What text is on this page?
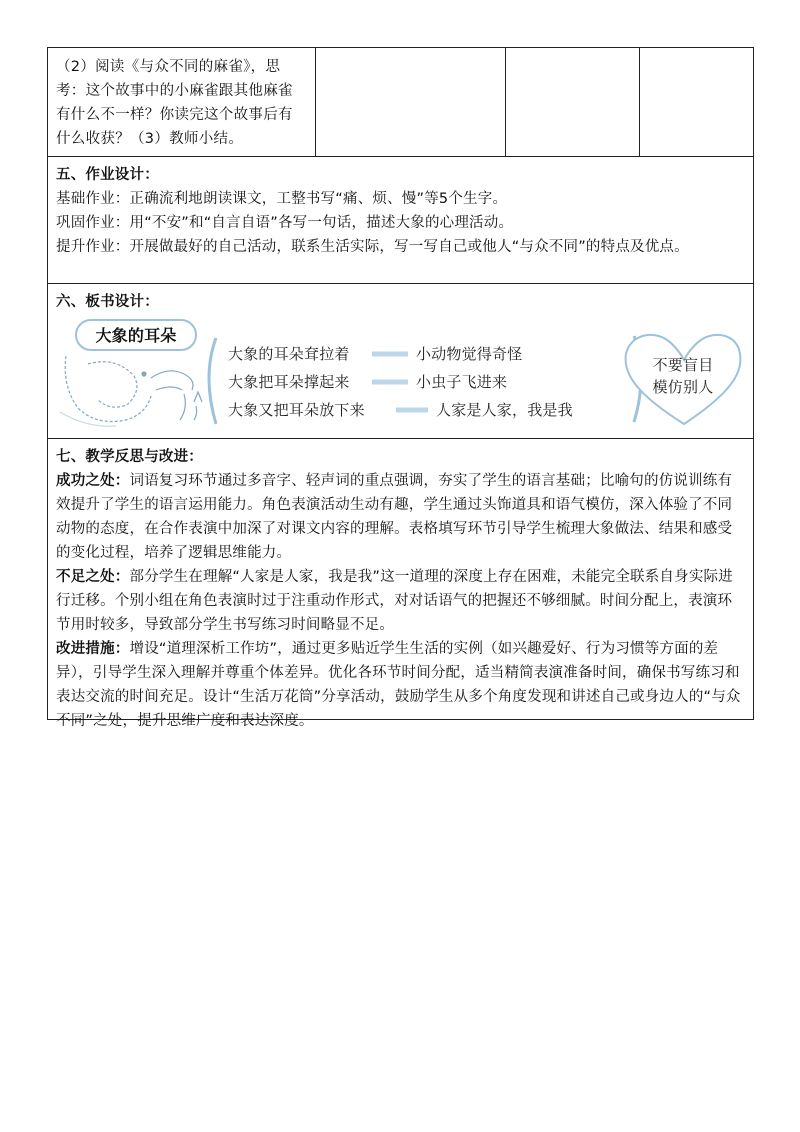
（2）阅读《与众不同的麻雀》，思考：这个故事中的小麻雀跟其他麻雀有什么不一样？你读完这个故事后有什么收获？（3）教师小结。

五、作业设计：
基础作业：正确流利地朗读课文，工整书写“痛、烦、慢”等5个生字。
巩固作业：用“不安”和“自言自语”各写一句话，描述大象的心理活动。
提升作业：开展做最好的自己活动，联系生活实际，写一写自己或他人“与众不同”的特点及优点。

六、板书设计：
大象的耳朵
大象的耳朵耷拉着	小动物觉得奇怪
大象把耳朵撑起来	小虫子飞进来
大象又把耳朵放下来	人家是人家，我是我
不要盲目
模仿别人

七、教学反思与改进：
成功之处：词语复习环节通过多音字、轻声词的重点强调，夯实了学生的语言基础；比喻句的仿说训练有效提升了学生的语言运用能力。角色表演活动生动有趣，学生通过头饰道具和语气模仿，深入体验了不同动物的态度，在合作表演中加深了对课文内容的理解。表格填写环节引导学生梳理大象做法、结果和感受的变化过程，培养了逻辑思维能力。
不足之处：部分学生在理解“人家是人家，我是我”这一道理的深度上存在困难，未能完全联系自身实际进行迁移。个别小组在角色表演时过于注重动作形式，对对话语气的把握还不够细腻。时间分配上，表演环节用时较多，导致部分学生书写练习时间略显不足。
改进措施：增设“道理深析工作坊”，通过更多贴近学生生活的实例（如兴趣爱好、行为习惯等方面的差异），引导学生深入理解并尊重个体差异。优化各环节时间分配，适当精简表演准备时间，确保书写练习和表达交流的时间充足。设计“生活万花筒”分享活动，鼓励学生从多个角度发现和讲述自己或身边人的“与众不同”之处，提升思维广度和表达深度。
